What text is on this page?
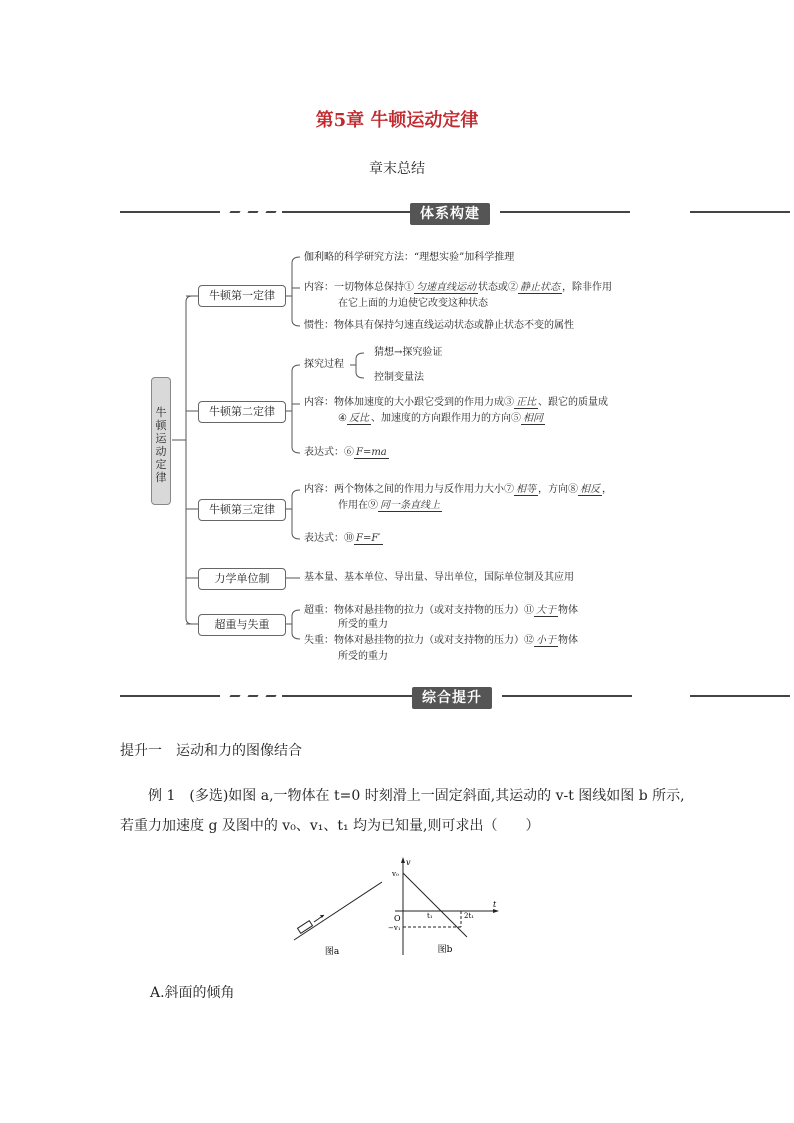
第5章 牛顿运动定律
章末总结
体系构建
牛顿运动定律
牛顿第一定律
伽利略的科学研究方法：“理想实验”加科学推理
内容：一切物体总保持① 匀速直线运动 状态或② 静止状态 ，除非作用
在它上面的力迫使它改变这种状态
惯性：物体具有保持匀速直线运动状态或静止状态不变的属性
牛顿第二定律
探究过程
猜想→探究验证
控制变量法
内容：物体加速度的大小跟它受到的作用力成③ 正比 、跟它的质量成
④ 反比 、加速度的方向跟作用力的方向⑤ 相同
表达式：⑥ F=ma
牛顿第三定律
内容：两个物体之间的作用力与反作用力大小⑦ 相等 ，方向⑧ 相反 ，
作用在⑨ 同一条直线上
表达式：⑩ F=F′
力学单位制	基本量、基本单位、导出量、导出单位，国际单位制及其应用
超重与失重
超重：物体对悬挂物的拉力（或对支持物的压力）⑪ 大于 物体
所受的重力
失重：物体对悬挂物的拉力（或对支持物的压力）⑫ 小于 物体
所受的重力
综合提升
提升一　运动和力的图像结合
例 1　(多选)如图 a,一物体在 t=0 时刻滑上一固定斜面,其运动的 v-t 图线如图 b 所示,
若重力加速度 g 及图中的 v₀、v₁、t₁ 均为已知量,则可求出（　　）
图a
v
t
v₀
O	t₁	2t₁
−v₁
图b
A.斜面的倾角
